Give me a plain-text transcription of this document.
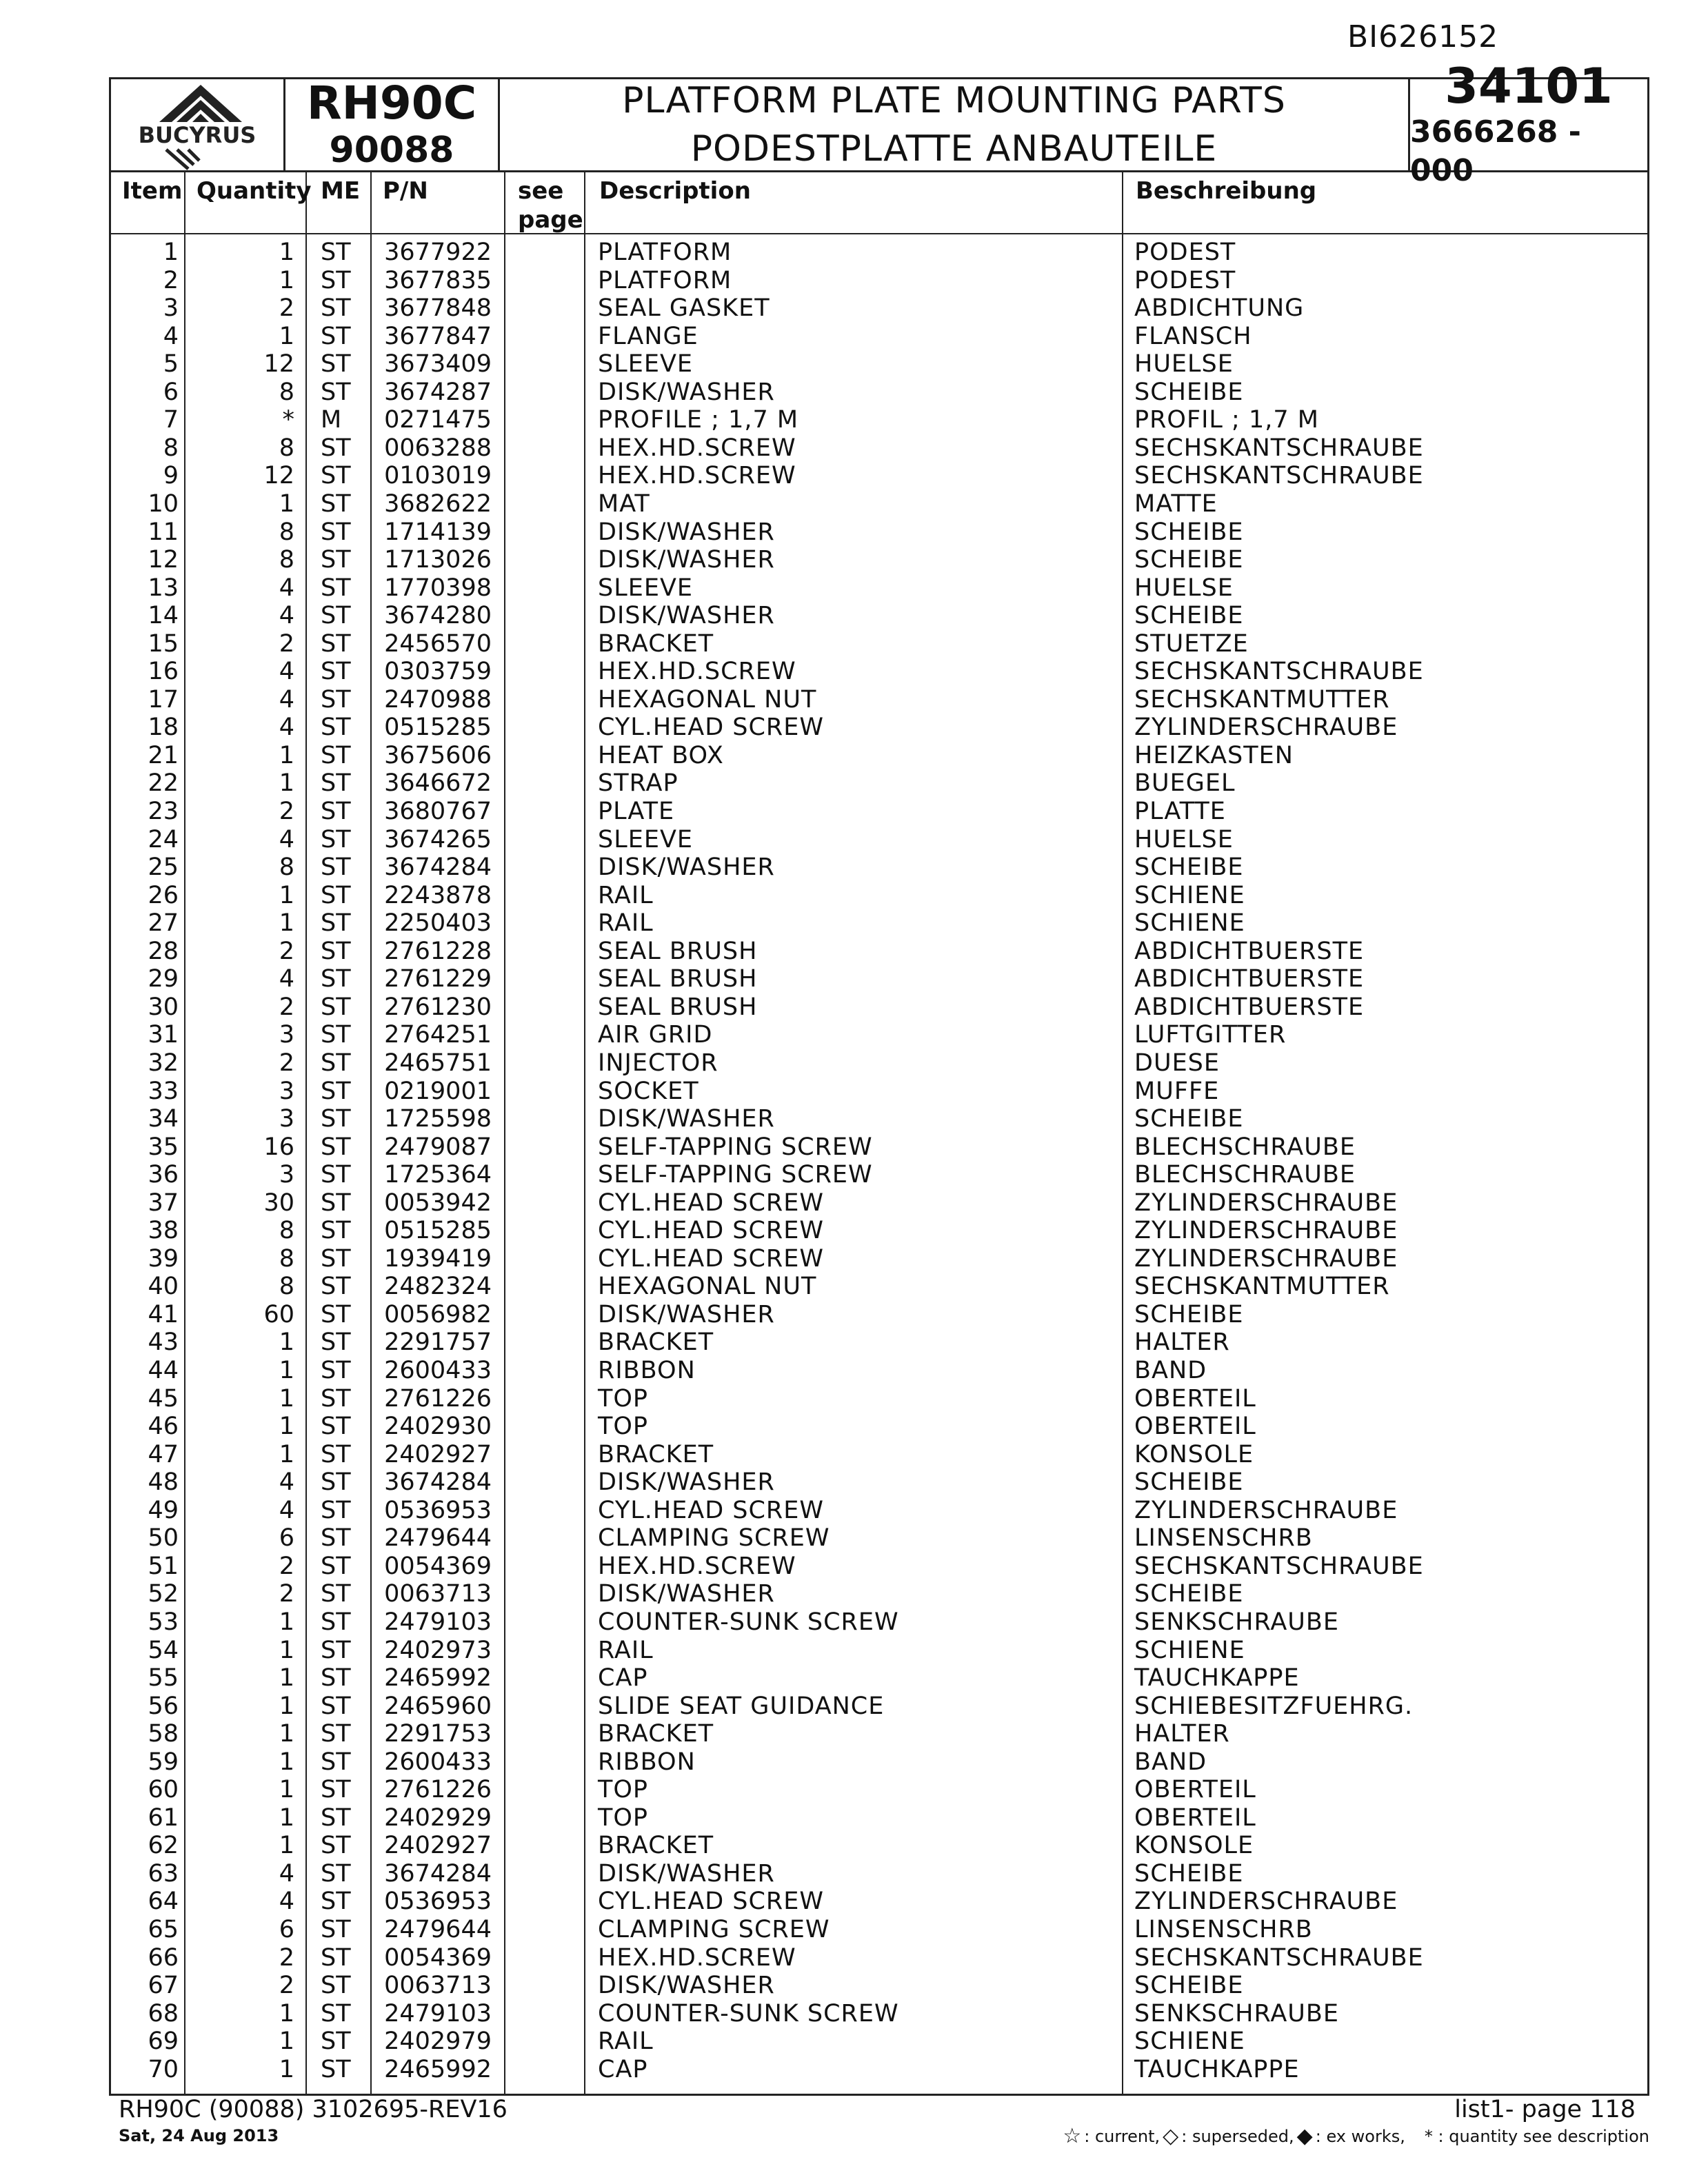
BI626152
BUCYRUS
RH90C
90088
PLATFORM PLATE MOUNTING PARTS
PODESTPLATTE ANBAUTEILE
34101
3666268 - 000
Item Quantity ME P/N	see
page
Description	Beschreibung
1	1 ST 3677922	PLATFORM	PODEST
2	1 ST 3677835	PLATFORM	PODEST
3	2 ST 3677848	SEAL GASKET	ABDICHTUNG
4	1 ST 3677847	FLANGE	FLANSCH
5	12 ST 3673409	SLEEVE	HUELSE
6	8 ST 3674287	DISK/WASHER	SCHEIBE
7	* M 0271475	PROFILE ; 1,7 M	PROFIL ; 1,7 M
8	8 ST 0063288	HEX.HD.SCREW	SECHSKANTSCHRAUBE
9	12 ST 0103019	HEX.HD.SCREW	SECHSKANTSCHRAUBE
10	1 ST 3682622	MAT	MATTE
11	8 ST 1714139	DISK/WASHER	SCHEIBE
12	8 ST 1713026	DISK/WASHER	SCHEIBE
13	4 ST 1770398	SLEEVE	HUELSE
14	4 ST 3674280	DISK/WASHER	SCHEIBE
15	2 ST 2456570	BRACKET	STUETZE
16	4 ST 0303759	HEX.HD.SCREW	SECHSKANTSCHRAUBE
17	4 ST 2470988	HEXAGONAL NUT	SECHSKANTMUTTER
18	4 ST 0515285	CYL.HEAD SCREW	ZYLINDERSCHRAUBE
21	1 ST 3675606	HEAT BOX	HEIZKASTEN
22	1 ST 3646672	STRAP	BUEGEL
23	2 ST 3680767	PLATE	PLATTE
24	4 ST 3674265	SLEEVE	HUELSE
25	8 ST 3674284	DISK/WASHER	SCHEIBE
26	1 ST 2243878	RAIL	SCHIENE
27	1 ST 2250403	RAIL	SCHIENE
28	2 ST 2761228	SEAL BRUSH	ABDICHTBUERSTE
29	4 ST 2761229	SEAL BRUSH	ABDICHTBUERSTE
30	2 ST 2761230	SEAL BRUSH	ABDICHTBUERSTE
31	3 ST 2764251	AIR GRID	LUFTGITTER
32	2 ST 2465751	INJECTOR	DUESE
33	3 ST 0219001	SOCKET	MUFFE
34	3 ST 1725598	DISK/WASHER	SCHEIBE
35	16 ST 2479087	SELF-TAPPING SCREW	BLECHSCHRAUBE
36	3 ST 1725364	SELF-TAPPING SCREW	BLECHSCHRAUBE
37	30 ST 0053942	CYL.HEAD SCREW	ZYLINDERSCHRAUBE
38	8 ST 0515285	CYL.HEAD SCREW	ZYLINDERSCHRAUBE
39	8 ST 1939419	CYL.HEAD SCREW	ZYLINDERSCHRAUBE
40	8 ST 2482324	HEXAGONAL NUT	SECHSKANTMUTTER
41	60 ST 0056982	DISK/WASHER	SCHEIBE
43	1 ST 2291757	BRACKET	HALTER
44	1 ST 2600433	RIBBON	BAND
45	1 ST 2761226	TOP	OBERTEIL
46	1 ST 2402930	TOP	OBERTEIL
47	1 ST 2402927	BRACKET	KONSOLE
48	4 ST 3674284	DISK/WASHER	SCHEIBE
49	4 ST 0536953	CYL.HEAD SCREW	ZYLINDERSCHRAUBE
50	6 ST 2479644	CLAMPING SCREW	LINSENSCHRB
51	2 ST 0054369	HEX.HD.SCREW	SECHSKANTSCHRAUBE
52	2 ST 0063713	DISK/WASHER	SCHEIBE
53	1 ST 2479103	COUNTER-SUNK SCREW	SENKSCHRAUBE
54	1 ST 2402973	RAIL	SCHIENE
55	1 ST 2465992	CAP	TAUCHKAPPE
56	1 ST 2465960	SLIDE SEAT GUIDANCE	SCHIEBESITZFUEHRG.
58	1 ST 2291753	BRACKET	HALTER
59	1 ST 2600433	RIBBON	BAND
60	1 ST 2761226	TOP	OBERTEIL
61	1 ST 2402929	TOP	OBERTEIL
62	1 ST 2402927	BRACKET	KONSOLE
63	4 ST 3674284	DISK/WASHER	SCHEIBE
64	4 ST 0536953	CYL.HEAD SCREW	ZYLINDERSCHRAUBE
65	6 ST 2479644	CLAMPING SCREW	LINSENSCHRB
66	2 ST 0054369	HEX.HD.SCREW	SECHSKANTSCHRAUBE
67	2 ST 0063713	DISK/WASHER	SCHEIBE
68	1 ST 2479103	COUNTER-SUNK SCREW	SENKSCHRAUBE
69	1 ST 2402979	RAIL	SCHIENE
70	1 ST 2465992	CAP	TAUCHKAPPE
RH90C (90088) 3102695-REV16
Sat, 24 Aug 2013
list1- page 118
☆ : current, ◇ : superseded, ◆ : ex works, * : quantity see description
